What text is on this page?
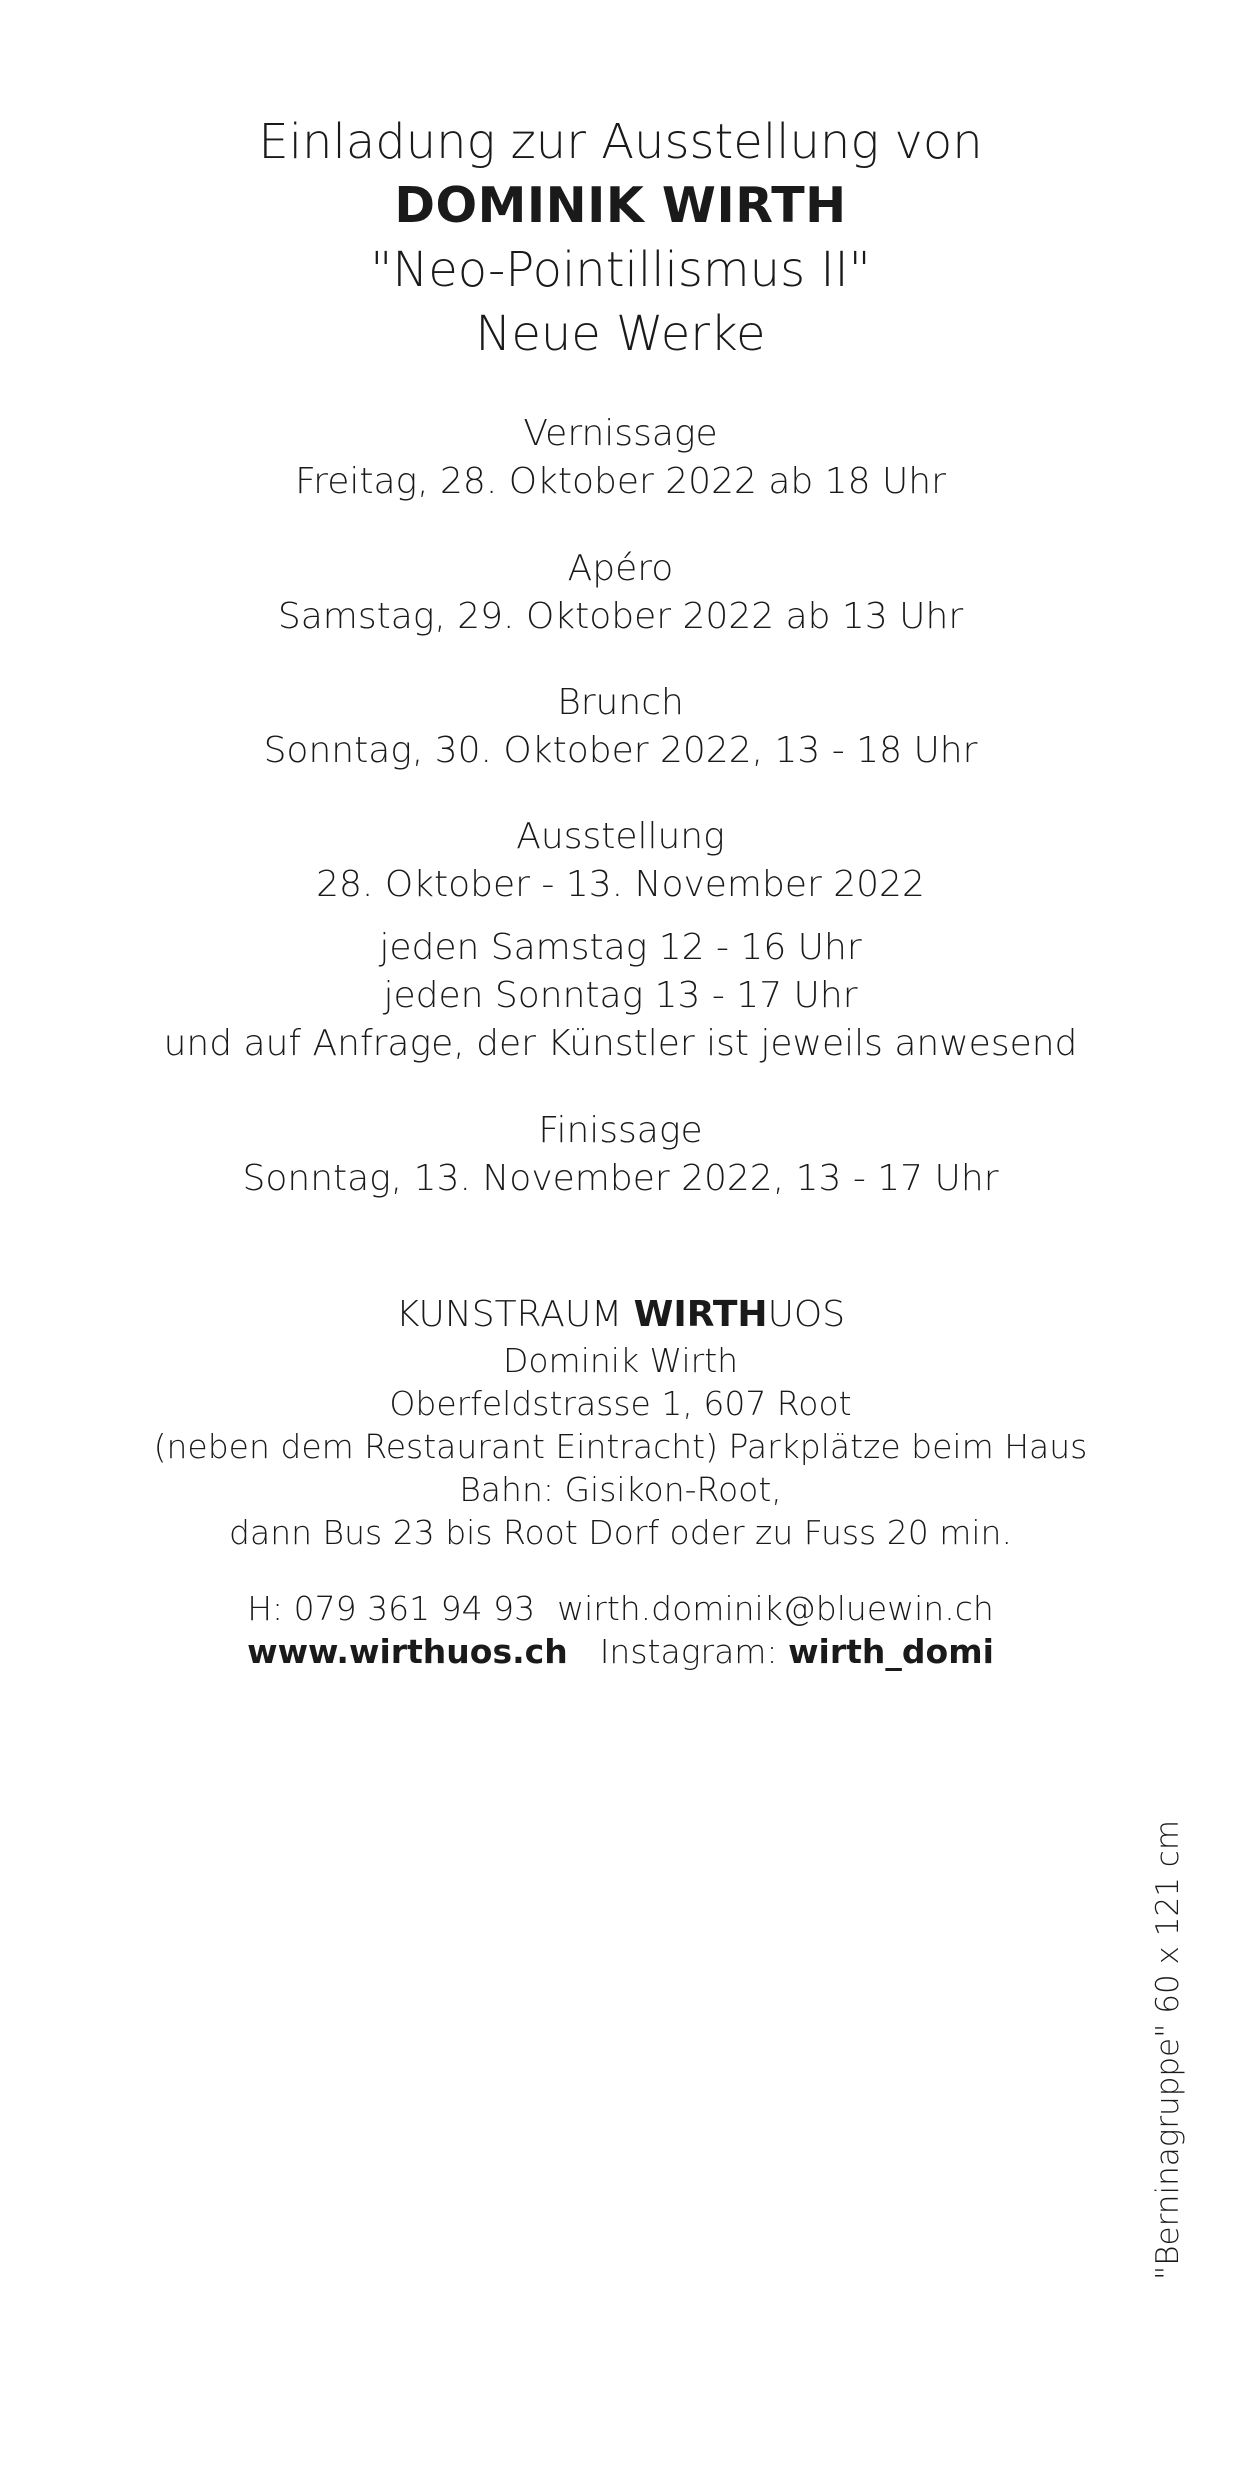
Einladung zur Ausstellung von
DOMINIK WIRTH
"Neo-Pointillismus II"
Neue Werke
Vernissage
Freitag, 28. Oktober 2022 ab 18 Uhr
Apéro
Samstag, 29. Oktober 2022 ab 13 Uhr
Brunch
Sonntag, 30. Oktober 2022, 13 - 18 Uhr
Ausstellung
28. Oktober - 13. November 2022
jeden Samstag 12 - 16 Uhr
jeden Sonntag 13 - 17 Uhr
und auf Anfrage, der Künstler ist jeweils anwesend
Finissage
Sonntag, 13. November 2022, 13 - 17 Uhr
KUNSTRAUM WIRTHUOS
Dominik Wirth
Oberfeldstrasse 1, 607 Root
(neben dem Restaurant Eintracht) Parkplätze beim Haus
Bahn: Gisikon-Root,
dann Bus 23 bis Root Dorf oder zu Fuss 20 min.
H: 079 361 94 93 wirth.dominik@bluewin.ch
www.wirthuos.ch Instagram: wirth_domi
"Berninagruppe" 60 x 121 cm
